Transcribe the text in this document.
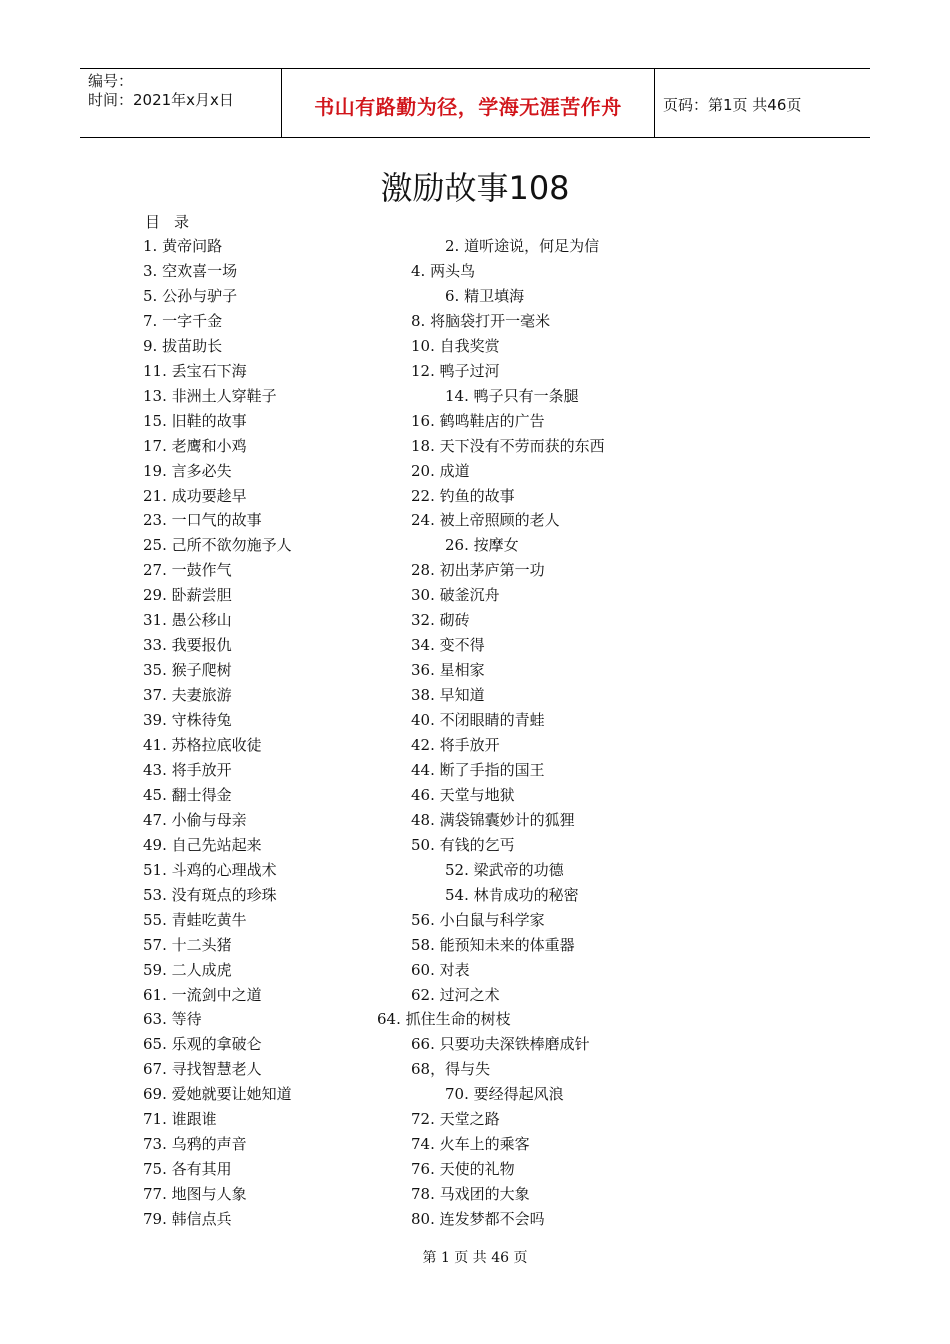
编号：
时间：2021年x月x日	书山有路勤为径，学海无涯苦作舟	页码：第1页 共46页
激励故事108
目录
1. 黄帝问路	2. 道听途说，何足为信
3. 空欢喜一场	4. 两头鸟
5. 公孙与驴子	6. 精卫填海
7. 一字千金	8. 将脑袋打开一毫米
9. 拔苗助长	10. 自我奖赏
11. 丢宝石下海	12. 鸭子过河
13. 非洲土人穿鞋子	14. 鸭子只有一条腿
15. 旧鞋的故事	16. 鹤鸣鞋店的广告
17. 老鹰和小鸡	18. 天下没有不劳而获的东西
19. 言多必失	20. 成道
21. 成功要趁早	22. 钓鱼的故事
23. 一口气的故事	24. 被上帝照顾的老人
25. 己所不欲勿施予人	26. 按摩女
27. 一鼓作气	28. 初出茅庐第一功
29. 卧薪尝胆	30. 破釜沉舟
31. 愚公移山	32. 砌砖
33. 我要报仇	34. 变不得
35. 猴子爬树	36. 星相家
37. 夫妻旅游	38. 早知道
39. 守株待兔	40. 不闭眼睛的青蛙
41. 苏格拉底收徒	42. 将手放开
43. 将手放开	44. 断了手指的国王
45. 翻士得金	46. 天堂与地狱
47. 小偷与母亲	48. 满袋锦囊妙计的狐狸
49. 自己先站起来	50. 有钱的乞丐
51. 斗鸡的心理战术	52. 梁武帝的功德
53. 没有斑点的珍珠	54. 林肯成功的秘密
55. 青蛙吃黄牛	56. 小白鼠与科学家
57. 十二头猪	58. 能预知未来的体重器
59. 二人成虎	60. 对表
61. 一流剑中之道	62. 过河之术
63. 等待	64. 抓住生命的树枝
65. 乐观的拿破仑	66. 只要功夫深铁棒磨成针
67. 寻找智慧老人	68，得与失
69. 爱她就要让她知道	70. 要经得起风浪
71. 谁跟谁	72. 天堂之路
73. 乌鸦的声音	74. 火车上的乘客
75. 各有其用	76. 天使的礼物
77. 地图与人象	78. 马戏团的大象
79. 韩信点兵	80. 连发梦都不会吗
第 1 页 共 46 页
